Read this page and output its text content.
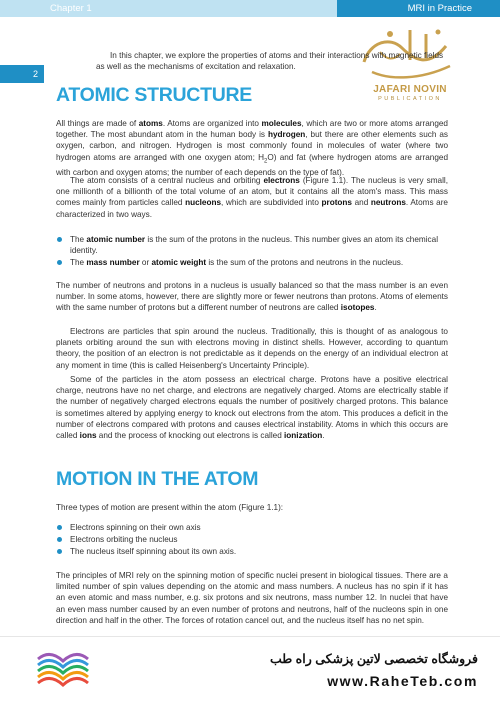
Chapter 1	MRI in Practice
2
JAFARI NOVIN
PUBLICATION
In this chapter, we explore the properties of atoms and their interactions with magnetic fields as well as the mechanisms of excitation and relaxation.
ATOMIC STRUCTURE
All things are made of atoms. Atoms are organized into molecules, which are two or more atoms arranged together. The most abundant atom in the human body is hydrogen, but there are other elements such as oxygen, carbon, and nitrogen. Hydrogen is most commonly found in molecules of water (where two hydrogen atoms are arranged with one oxygen atom; $H_2O$) and fat (where hydrogen atoms are arranged with carbon and oxygen atoms; the number of each depends on the type of fat).
The atom consists of a central nucleus and orbiting electrons (Figure 1.1). The nucleus is very small, one millionth of a billionth of the total volume of an atom, but it contains all the atom's mass. This mass comes mainly from particles called nucleons, which are subdivided into protons and neutrons. Atoms are characterized in two ways.
The atomic number is the sum of the protons in the nucleus. This number gives an atom its chemical identity.
The mass number or atomic weight is the sum of the protons and neutrons in the nucleus.
The number of neutrons and protons in a nucleus is usually balanced so that the mass number is an even number. In some atoms, however, there are slightly more or fewer neutrons than protons. Atoms of elements with the same number of protons but a different number of neutrons are called isotopes.
Electrons are particles that spin around the nucleus. Traditionally, this is thought of as analogous to planets orbiting around the sun with electrons moving in distinct shells. However, according to quantum theory, the position of an electron is not predictable as it depends on the energy of an individual electron at any moment in time (this is called Heisenberg's Uncertainty Principle).
Some of the particles in the atom possess an electrical charge. Protons have a positive electrical charge, neutrons have no net charge, and electrons are negatively charged. Atoms are electrically stable if the number of negatively charged electrons equals the number of positively charged protons. This balance is sometimes altered by applying energy to knock out electrons from the atom. This produces a deficit in the number of electrons compared with protons and causes electrical instability. Atoms in which this occurs are called ions and the process of knocking out electrons is called ionization.
MOTION IN THE ATOM
Three types of motion are present within the atom (Figure 1.1):
Electrons spinning on their own axis
Electrons orbiting the nucleus
The nucleus itself spinning about its own axis.
The principles of MRI rely on the spinning motion of specific nuclei present in biological tissues. There are a limited number of spin values depending on the atomic and mass numbers. A nucleus has no spin if it has an even atomic and mass number, e.g. six protons and six neutrons, mass number 12. In nuclei that have an even mass number caused by an even number of protons and neutrons, half of the nucleons spin in one direction and half in the other. The forces of rotation cancel out, and the nucleus itself has no net spin.
فروشگاه تخصصی لاتین پزشکی راه طب
www.RaheTeb.com
